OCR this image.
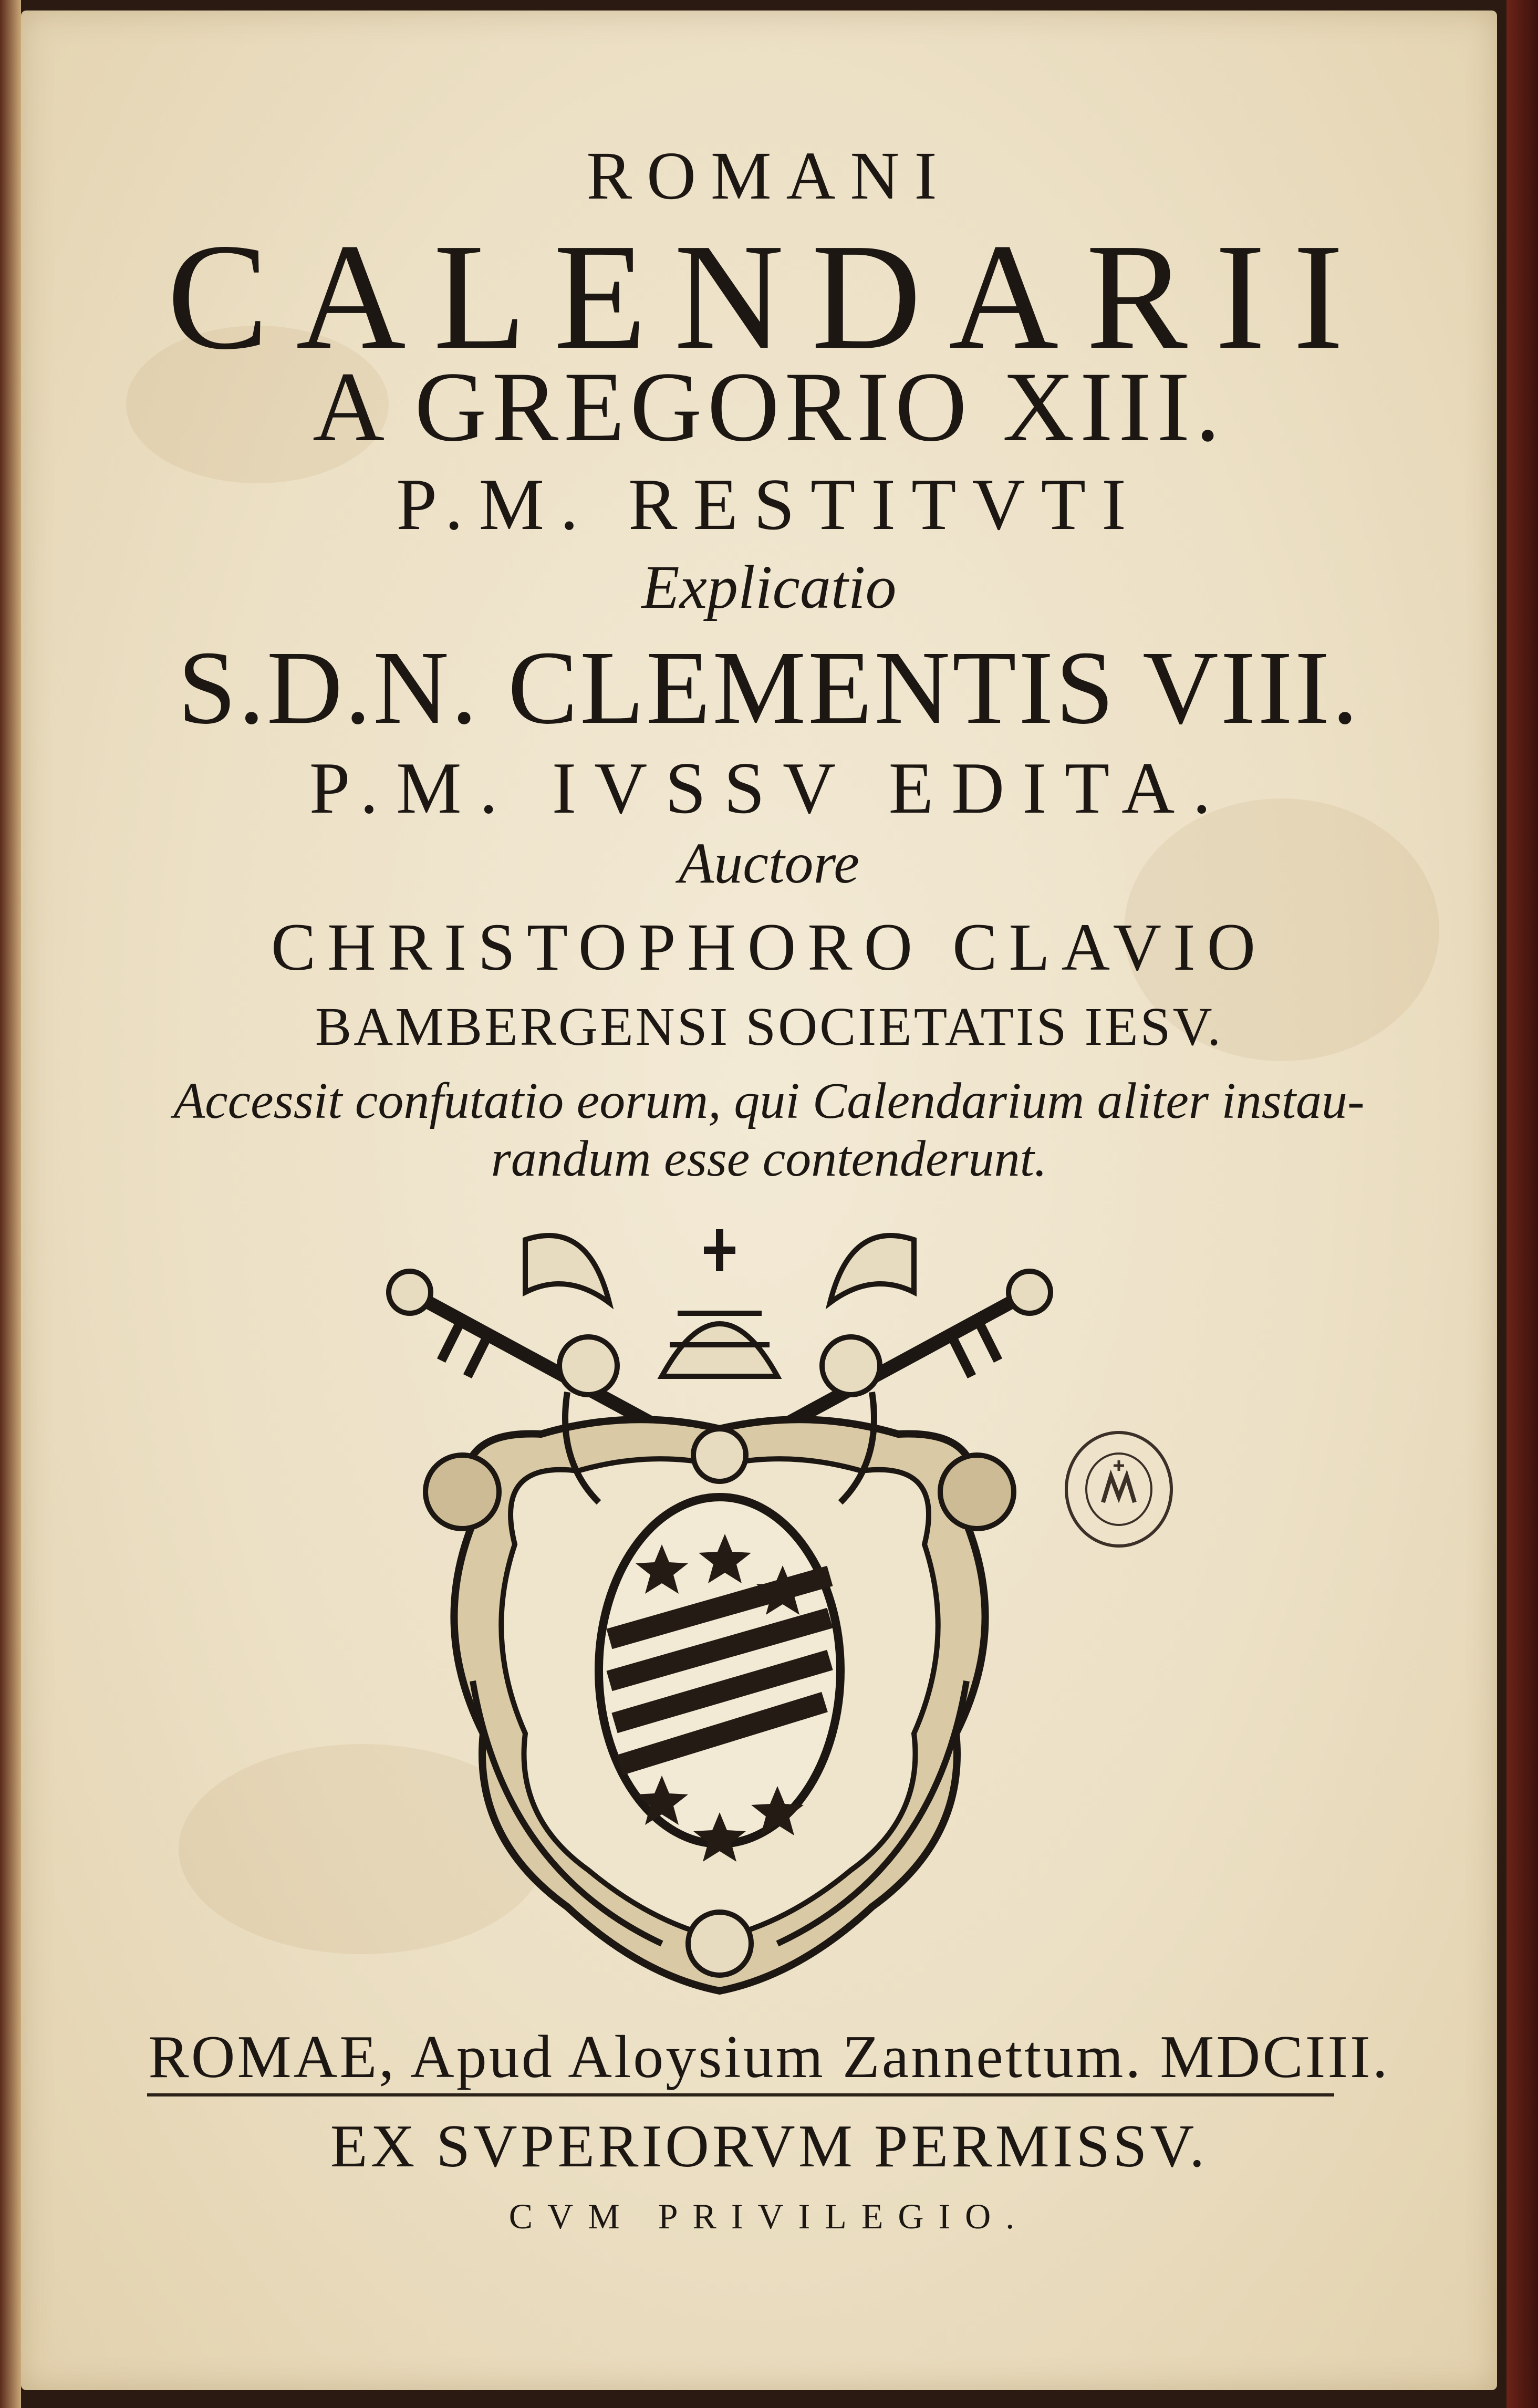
ROMANI
CALENDARII
A GREGORIO XIII.
P.M. RESTITVTI
Explicatio
S.D.N. CLEMENTIS VIII.
P.M. IVSSV EDITA.
Auctore
CHRISTOPHORO CLAVIO
BAMBERGENSI SOCIETATIS IESV.
Accessit confutatio eorum, qui Calendarium aliter instau-
randum esse contenderunt.
ROMAE, Apud Aloysium Zannettum. MDCIII.
EX SVPERIORVM PERMISSV.
CVM PRIVILEGIO.
